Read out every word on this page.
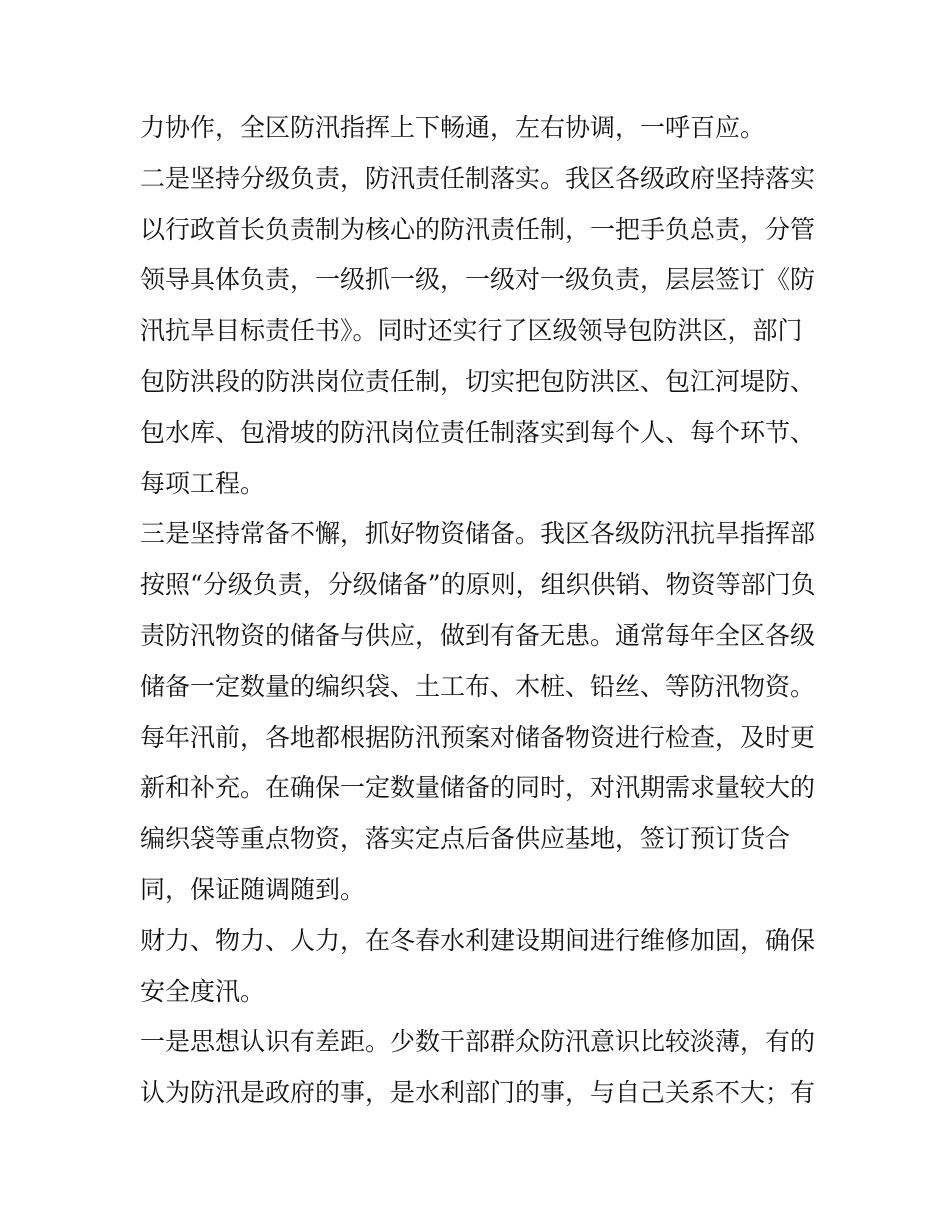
力协作，全区防汛指挥上下畅通，左右协调，一呼百应。
二是坚持分级负责，防汛责任制落实。我区各级政府坚持落实
以行政首长负责制为核心的防汛责任制，一把手负总责，分管
领导具体负责，一级抓一级，一级对一级负责，层层签订《防
汛抗旱目标责任书》。同时还实行了区级领导包防洪区，部门
包防洪段的防洪岗位责任制，切实把包防洪区、包江河堤防、
包水库、包滑坡的防汛岗位责任制落实到每个人、每个环节、
每项工程。
三是坚持常备不懈，抓好物资储备。我区各级防汛抗旱指挥部
按照“分级负责，分级储备”的原则，组织供销、物资等部门负
责防汛物资的储备与供应，做到有备无患。通常每年全区各级
储备一定数量的编织袋、土工布、木桩、铅丝、等防汛物资。
每年汛前，各地都根据防汛预案对储备物资进行检查，及时更
新和补充。在确保一定数量储备的同时，对汛期需求量较大的
编织袋等重点物资，落实定点后备供应基地，签订预订货合
同，保证随调随到。
财力、物力、人力，在冬春水利建设期间进行维修加固，确保
安全度汛。
一是思想认识有差距。少数干部群众防汛意识比较淡薄，有的
认为防汛是政府的事，是水利部门的事，与自己关系不大；有
